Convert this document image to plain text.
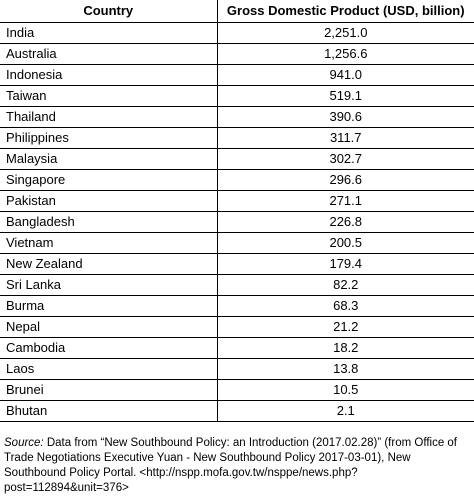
Country	Gross Domestic Product (USD, billion)
India	2,251.0
Australia	1,256.6
Indonesia	941.0
Taiwan	519.1
Thailand	390.6
Philippines	311.7
Malaysia	302.7
Singapore	296.6
Pakistan	271.1
Bangladesh	226.8
Vietnam	200.5
New Zealand	179.4
Sri Lanka	82.2
Burma	68.3
Nepal	21.2
Cambodia	18.2
Laos	13.8
Brunei	10.5
Bhutan	2.1
Source: Data from “New Southbound Policy: an Introduction (2017.02.28)” (from Office of Trade Negotiations Executive Yuan - New Southbound Policy 2017-03-01), New Southbound Policy Portal. <http://nspp.mofa.gov.tw/nsppe/news.php?post=112894&unit=376>
